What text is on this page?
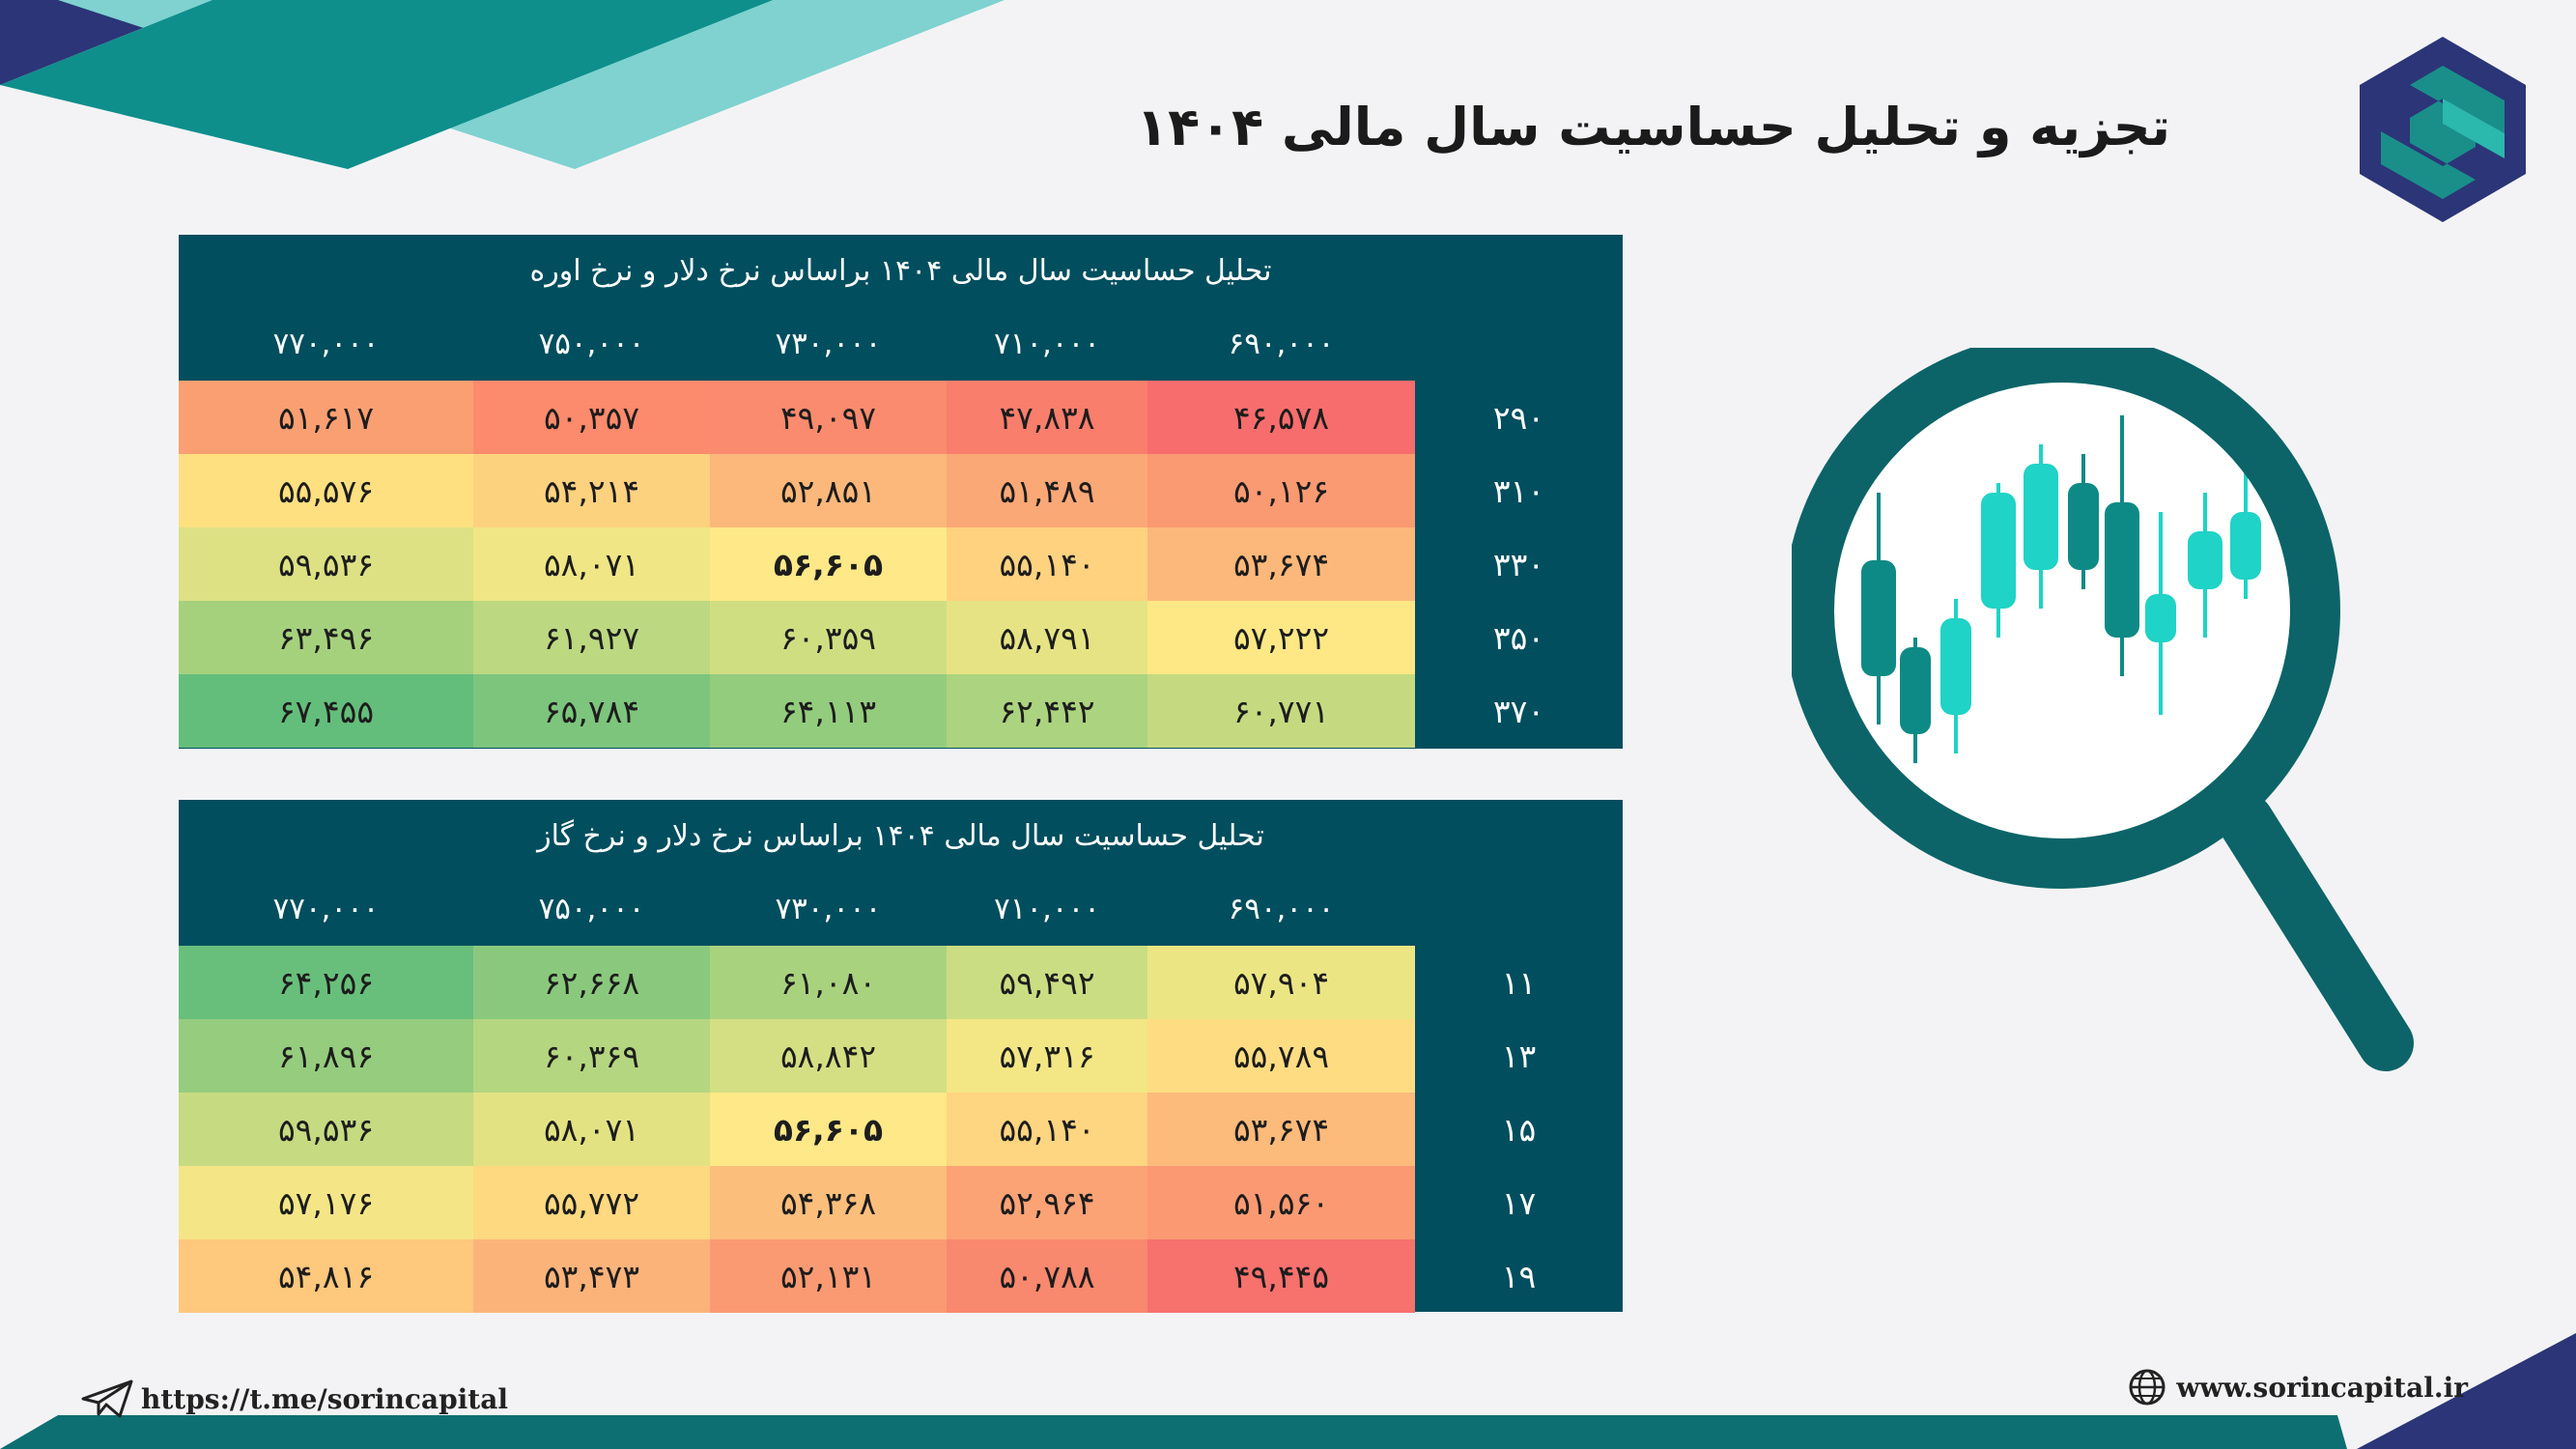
تجزیه و تحلیل حساسیت سال مالی ۱۴۰۴
تحلیل حساسیت سال مالی ۱۴۰۴ براساس نرخ دلار و نرخ اوره
۷۷۰,۰۰۰	۷۵۰,۰۰۰	۷۳۰,۰۰۰	۷۱۰,۰۰۰	۶۹۰,۰۰۰
۵۱,۶۱۷	۵۰,۳۵۷	۴۹,۰۹۷	۴۷,۸۳۸	۴۶,۵۷۸	۲۹۰
۵۵,۵۷۶	۵۴,۲۱۴	۵۲,۸۵۱	۵۱,۴۸۹	۵۰,۱۲۶	۳۱۰
۵۹,۵۳۶	۵۸,۰۷۱	۵۶,۶۰۵	۵۵,۱۴۰	۵۳,۶۷۴	۳۳۰
۶۳,۴۹۶	۶۱,۹۲۷	۶۰,۳۵۹	۵۸,۷۹۱	۵۷,۲۲۲	۳۵۰
۶۷,۴۵۵	۶۵,۷۸۴	۶۴,۱۱۳	۶۲,۴۴۲	۶۰,۷۷۱	۳۷۰
تحلیل حساسیت سال مالی ۱۴۰۴ براساس نرخ دلار و نرخ گاز
۷۷۰,۰۰۰	۷۵۰,۰۰۰	۷۳۰,۰۰۰	۷۱۰,۰۰۰	۶۹۰,۰۰۰
۶۴,۲۵۶	۶۲,۶۶۸	۶۱,۰۸۰	۵۹,۴۹۲	۵۷,۹۰۴	۱۱
۶۱,۸۹۶	۶۰,۳۶۹	۵۸,۸۴۲	۵۷,۳۱۶	۵۵,۷۸۹	۱۳
۵۹,۵۳۶	۵۸,۰۷۱	۵۶,۶۰۵	۵۵,۱۴۰	۵۳,۶۷۴	۱۵
۵۷,۱۷۶	۵۵,۷۷۲	۵۴,۳۶۸	۵۲,۹۶۴	۵۱,۵۶۰	۱۷
۵۴,۸۱۶	۵۳,۴۷۳	۵۲,۱۳۱	۵۰,۷۸۸	۴۹,۴۴۵	۱۹
https://t.me/sorincapital	www.sorincapital.ir
